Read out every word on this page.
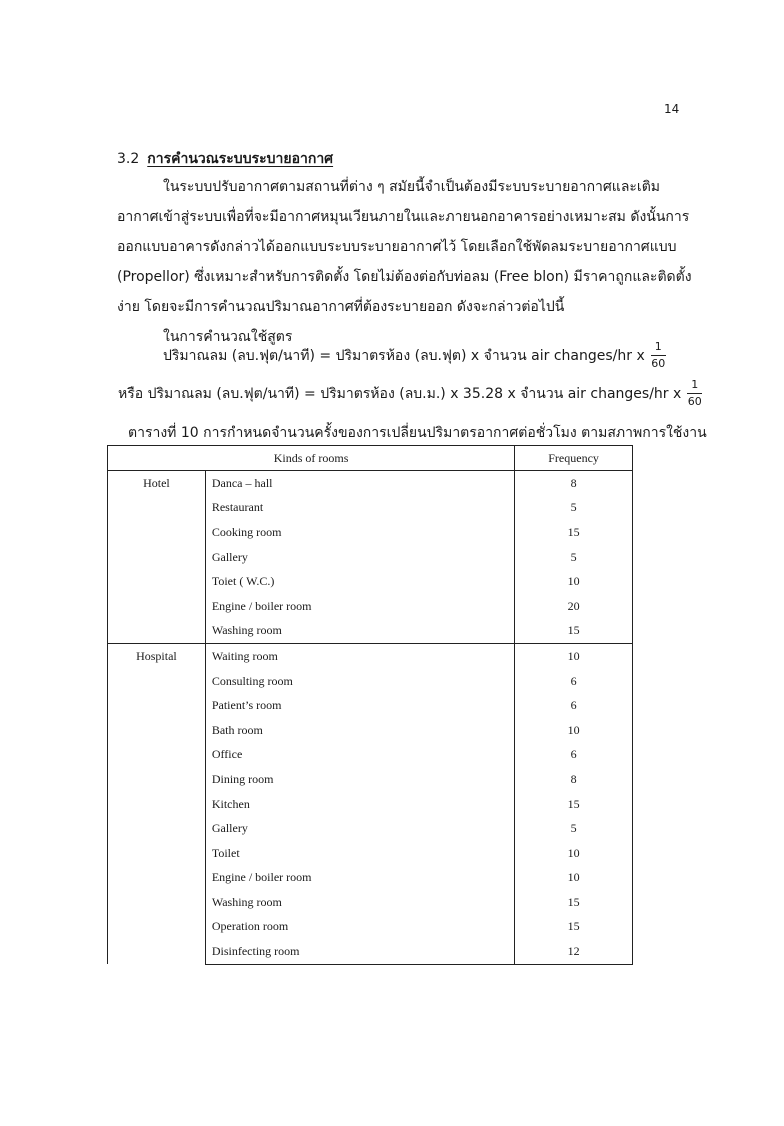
14
3.2 การคำนวณระบบระบายอากาศ
ในระบบปรับอากาศตามสถานที่ต่าง ๆ สมัยนี้จำเป็นต้องมีระบบระบายอากาศและเติม
อากาศเข้าสู่ระบบเพื่อที่จะมีอากาศหมุนเวียนภายในและภายนอกอาคารอย่างเหมาะสม ดังนั้นการ
ออกแบบอาคารดังกล่าวได้ออกแบบระบบระบายอากาศไว้ โดยเลือกใช้พัดลมระบายอากาศแบบ
(Propellor) ซึ่งเหมาะสำหรับการติดตั้ง โดยไม่ต้องต่อกับท่อลม (Free blon) มีราคาถูกและติดตั้ง
ง่าย โดยจะมีการคำนวณปริมาณอากาศที่ต้องระบายออก ดังจะกล่าวต่อไปนี้
ในการคำนวณใช้สูตร
ปริมาณลม (ลบ.ฟุต/นาที) = ปริมาตรห้อง (ลบ.ฟุต) x จำนวน air changes/hr x $\frac{1}{60}$
หรือ ปริมาณลม (ลบ.ฟุต/นาที) = ปริมาตรห้อง (ลบ.ม.) x 35.28 x จำนวน air changes/hr x $\frac{1}{60}$
ตารางที่ 10 การกำหนดจำนวนครั้งของการเปลี่ยนปริมาตรอากาศต่อชั่วโมง ตามสภาพการใช้งาน
Kinds of rooms		Frequency
Hotel	Danca – hall	8
	Restaurant	5
	Cooking room	15
	Gallery	5
	Toiet ( W.C.)	10
	Engine / boiler room	20
	Washing room	15
Hospital	Waiting room	10
	Consulting room	6
	Patient’s room	6
	Bath room	10
	Office	6
	Dining room	8
	Kitchen	15
	Gallery	5
	Toilet	10
	Engine / boiler room	10
	Washing room	15
	Operation room	15
	Disinfecting room	12
